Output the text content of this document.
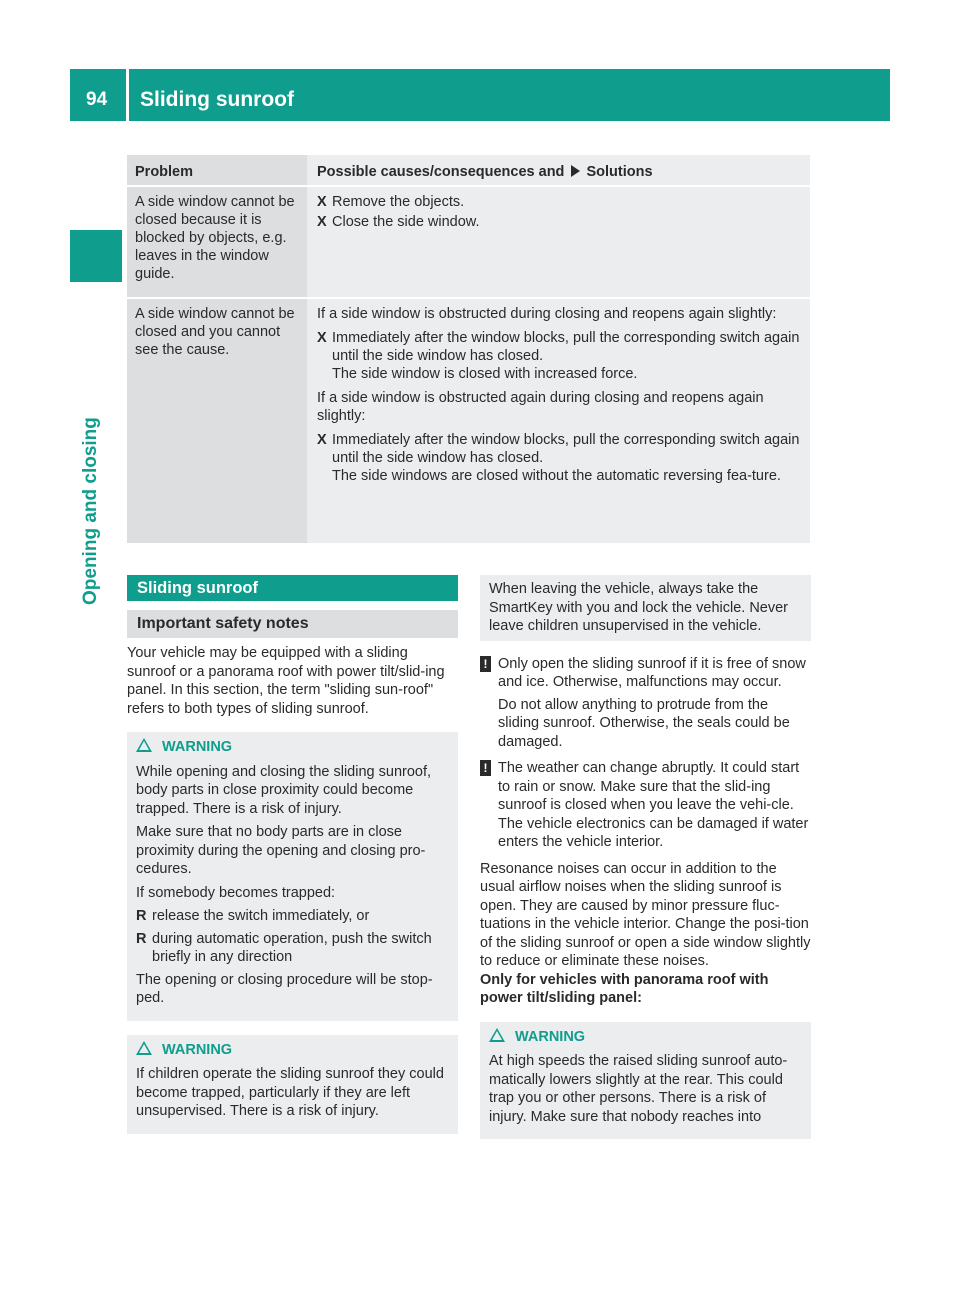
94 Sliding sunroof
Opening and closing
Problem	Possible causes/consequences and Solutions
A side window cannot be closed because it is blocked by objects, e.g. leaves in the window guide.
X Remove the objects.
X Close the side window.
A side window cannot be closed and you cannot see the cause.
If a side window is obstructed during closing and reopens again slightly:
X Immediately after the window blocks, pull the corresponding switch again until the side window has closed.
The side window is closed with increased force.
If a side window is obstructed again during closing and reopens again slightly:
X Immediately after the window blocks, pull the corresponding switch again until the side window has closed.
The side windows are closed without the automatic reversing fea-ture.
Sliding sunroof
Important safety notes
Your vehicle may be equipped with a sliding sunroof or a panorama roof with power tilt/slid-ing panel. In this section, the term "sliding sun-roof" refers to both types of sliding sunroof.
WARNING
While opening and closing the sliding sunroof, body parts in close proximity could become trapped. There is a risk of injury.
Make sure that no body parts are in close proximity during the opening and closing pro-cedures.
If somebody becomes trapped:
R release the switch immediately, or
R during automatic operation, push the switch briefly in any direction
The opening or closing procedure will be stop-ped.
WARNING
If children operate the sliding sunroof they could become trapped, particularly if they are left unsupervised. There is a risk of injury.
When leaving the vehicle, always take the SmartKey with you and lock the vehicle. Never leave children unsupervised in the vehicle.
! Only open the sliding sunroof if it is free of snow and ice. Otherwise, malfunctions may occur.
Do not allow anything to protrude from the sliding sunroof. Otherwise, the seals could be damaged.
! The weather can change abruptly. It could start to rain or snow. Make sure that the slid-ing sunroof is closed when you leave the vehi-cle. The vehicle electronics can be damaged if water enters the vehicle interior.
Resonance noises can occur in addition to the usual airflow noises when the sliding sunroof is open. They are caused by minor pressure fluc-tuations in the vehicle interior. Change the posi-tion of the sliding sunroof or open a side window slightly to reduce or eliminate these noises.
Only for vehicles with panorama roof with power tilt/sliding panel:
WARNING
At high speeds the raised sliding sunroof auto-matically lowers slightly at the rear. This could trap you or other persons. There is a risk of injury. Make sure that nobody reaches into
